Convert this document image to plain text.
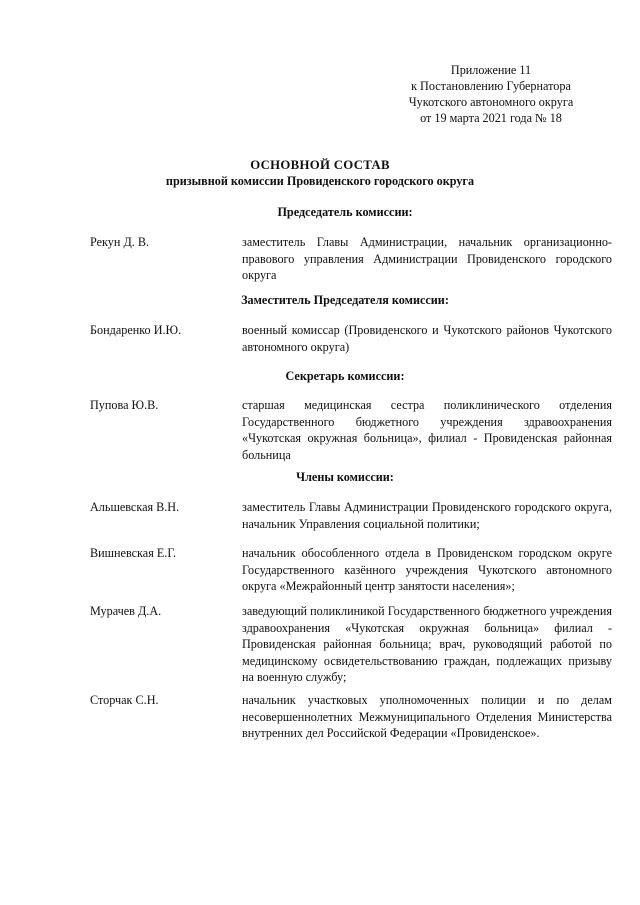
Приложение 11
к Постановлению Губернатора
Чукотского автономного округа
от 19 марта 2021 года № 18
ОСНОВНОЙ СОСТАВ
призывной комиссии Провиденского городского округа
Председатель комиссии:
Рекун Д. В.	заместитель Главы Администрации, начальник организационно-правового управления Администрации Провиденского городского округа
Заместитель Председателя комиссии:
Бондаренко И.Ю.	военный комиссар (Провиденского и Чукотского районов Чукотского автономного округа)
Секретарь комиссии:
Пупова Ю.В.	старшая медицинская сестра поликлинического отделения Государственного бюджетного учреждения здравоохранения «Чукотская окружная больница», филиал - Провиденская районная больница
Члены комиссии:
Альшевская В.Н.	заместитель Главы Администрации Провиденского городского округа, начальник Управления социальной политики;
Вишневская Е.Г.	начальник обособленного отдела в Провиденском городском округе Государственного казённого учреждения Чукотского автономного округа «Межрайонный центр занятости населения»;
Мурачев Д.А.	заведующий поликлиникой Государственного бюджетного учреждения здравоохранения «Чукотская окружная больница» филиал - Провиденская районная больница; врач, руководящий работой по медицинскому освидетельствованию граждан, подлежащих призыву на военную службу;
Сторчак С.Н.	начальник участковых уполномоченных полиции и по делам несовершеннолетних Межмуниципального Отделения Министерства внутренних дел Российской Федерации «Провиденское».
